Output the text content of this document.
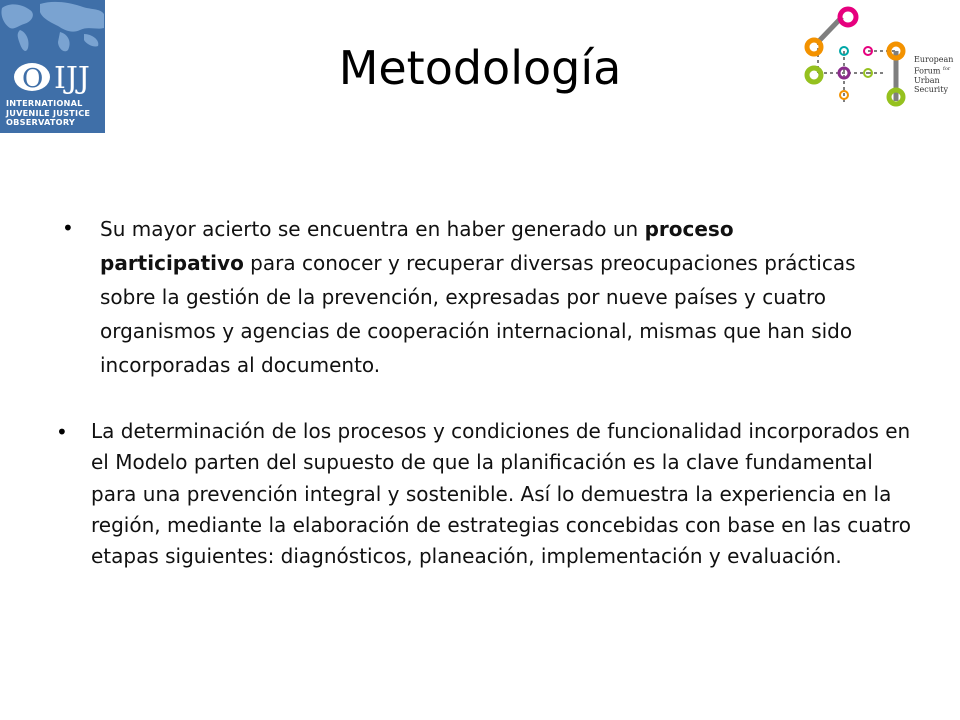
O IJJ
INTERNATIONAL
JUVENILE JUSTICE
OBSERVATORY
Metodología	European
Forum $^{for}$
Urban
Security
• Su mayor acierto se encuentra en haber generado un proceso participativo para conocer y recuperar diversas preocupaciones prácticas sobre la gestión de la prevención, expresadas por nueve países y cuatro organismos y agencias de cooperación internacional, mismas que han sido incorporadas al documento.
• La determinación de los procesos y condiciones de funcionalidad incorporados en el Modelo parten del supuesto de que la planificación es la clave fundamental para una prevención integral y sostenible. Así lo demuestra la experiencia en la región, mediante la elaboración de estrategias concebidas con base en las cuatro etapas siguientes: diagnósticos, planeación, implementación y evaluación.
